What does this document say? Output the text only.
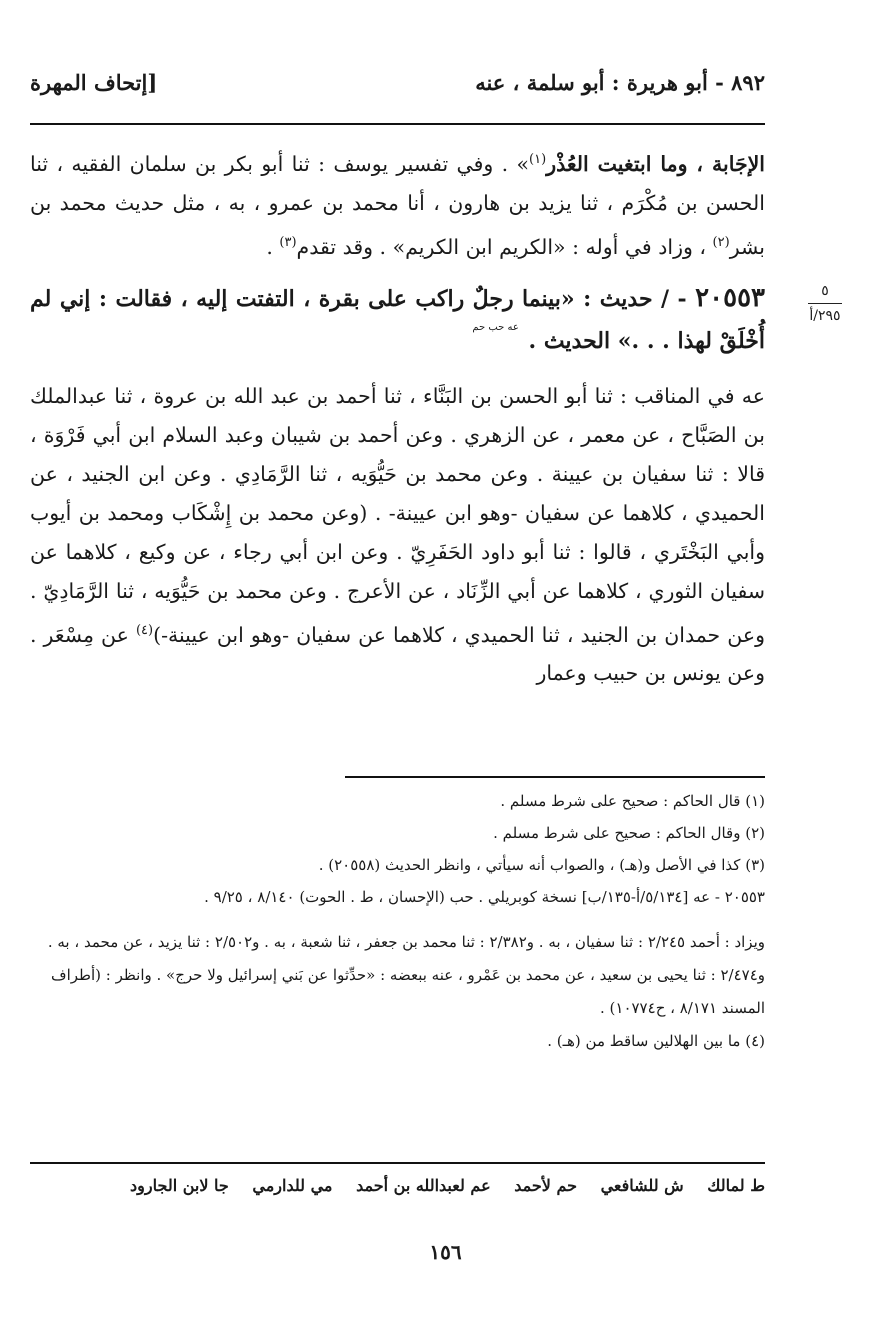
٨٩٢ - أبو هريرة : أبو سلمة ، عنه
[إتحاف المهرة
٥
٢٩٥/أ

الإجَابة ، وما ابتغيت العُذْر$^{(١)}$» . وفي تفسير يوسف : ثنا أبو بكر بن سلمان الفقيه ، ثنا الحسن بن مُكْرَم ، ثنا يزيد بن هارون ، أنا محمد بن عمرو ، به ، مثل حديث محمد بن بشر$^{(٢)}$ ، وزاد في أوله : «الكريم ابن الكريم» . وقد تقدم$^{(٣)}$ .

٢٠٥٥٣ - / حديث : «بينما رجلٌ راكب على بقرة ، التفتت إليه ، فقالت : إني لم أُخْلَقْ لهذا . . .» الحديث . $^{عه حب حم}$

عه في المناقب : ثنا أبو الحسن بن البَنَّاء ، ثنا أحمد بن عبد الله بن عروة ، ثنا عبدالملك بن الصَبَّاح ، عن معمر ، عن الزهري . وعن أحمد بن شيبان وعبد السلام ابن أبي فَرْوَة ، قالا : ثنا سفيان بن عيينة . وعن محمد بن حَيُّوَيه ، ثنا الرَّمَادِي . وعن ابن الجنيد ، عن الحميدي ، كلاهما عن سفيان -وهو ابن عيينة- . (وعن محمد بن إِشْكَاب ومحمد بن أيوب وأبي البَخْتَري ، قالوا : ثنا أبو داود الحَفَرِيّ . وعن ابن أبي رجاء ، عن وكيع ، كلاهما عن سفيان الثوري ، كلاهما عن أبي الزِّنَاد ، عن الأعرج . وعن محمد بن حَيُّوَيه ، ثنا الرَّمَادِيّ . وعن حمدان بن الجنيد ، ثنا الحميدي ، كلاهما عن سفيان -وهو ابن عيينة-)$^{(٤)}$ عن مِسْعَر . وعن يونس بن حبيب وعمار

(١) قال الحاكم : صحيح على شرط مسلم .

(٢) وقال الحاكم : صحيح على شرط مسلم .

(٣) كذا في الأصل و(هـ) ، والصواب أنه سيأتي ، وانظر الحديث (٢٠٥٥٨) .

٢٠٥٥٣ - عه [٥/١٣٤/أ-١٣٥/ب] نسخة كوبريلي . حب (الإحسان ، ط . الحوت) ٨/١٤٠ ، ٩/٢٥ .

ويزاد : أحمد ٢/٢٤٥ : ثنا سفيان ، به . و٢/٣٨٢ : ثنا محمد بن جعفر ، ثنا شعبة ، به . و٢/٥٠٢ : ثنا يزيد ، عن محمد ، به . و٢/٤٧٤ : ثنا يحيى بن سعيد ، عن محمد بن عَمْرو ، عنه ببعضه : «حدِّثوا عن بَني إسرائيل ولا حرج» . وانظر : (أطراف المسند ٨/١٧١ ، ح١٠٧٧٤) .

(٤) ما بين الهلالين ساقط من (هـ) .

ط لمالك ش للشافعي حم لأحمد عم لعبدالله بن أحمد مي للدارمي جا لابن الجارود
١٥٦
